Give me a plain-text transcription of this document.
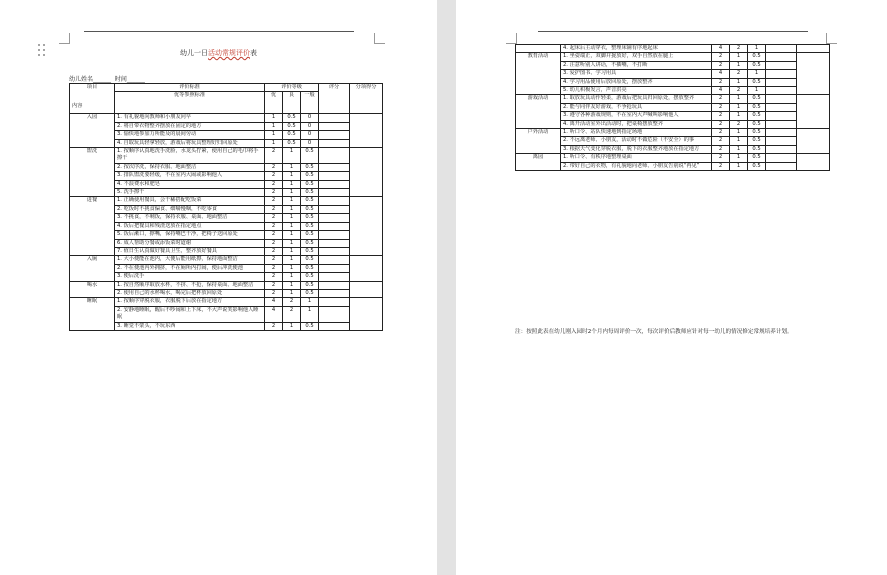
幼儿一日活动常规评价表
幼儿姓名______ 时间______
项目
内容	评价标准	评价等级			评分	分项得分
	优等参照标准	优	良	一般		
入园	1. 有礼貌地向教师和小朋友问早	1	0.5	0		
	2. 将自带衣物整齐摆放在固定的地方	1	0.5	0		
	3. 愉快地参加力所能及的晨间劳动	1	0.5	0		
	4. 自取玩具轻拿轻放，游戏后将玩具整理好归回原处	1	0.5	0		
盥洗	1. 按顺序认真地洗手洗脸，水龙头拧紧，使用自己的毛巾将手擦干	2	1	0.5		
	2. 按次序洗，保持衣服、地面整洁	2	1	0.5		
	3. 排队盥洗要轻缓，不在室内大闹或影响他人	2	1	0.5		
	4. 不浪费水和肥皂	2	1	0.5		
	5. 洗手擦干	2	1	0.5		
进餐	1. 正确使用餐具，会干稀搭配吃饭菜	2	1	0.5		
	2. 吃饭时不挑食偏食、细嚼慢咽，不吃零食	2	1	0.5		
	3. 不挑食，不剩饭，保持衣服、桌面、地面整洁	2	1	0.5		
	4. 饭后把餐具和残渣送放在指定地点	2	1	0.5		
	5. 饭后漱口，擦嘴，保持嘴巴干净，把椅子送回原处	2	1	0.5		
	6. 成人帮助分餐或添饭菜时道谢	2	1	0.5		
	7. 值日生认真做好餐具卫生，整齐放好餐具	2	1	0.5		
入厕	1. 大小便能在池内，大便后能用纸擦，保持地面整洁	2	1	0.5		
	2. 不在便池内外拥挤，不在厕所内打闹，便后冲洗便池	2	1	0.5		
	3. 便后洗手	2	1	0.5		
喝水	1. 按自然顺序取放水杯，不挤、不抢，保持桌面、地面整洁	2	1	0.5		
	2. 使用自己的水杯喝水，喝完后把杯放回原处	2	1	0.5		
睡眠	1. 按顺序穿脱衣服，衣服脱下后放在指定地方	4	2	1		
	2. 安静地睡眠，醒后不吵闹和上下床，不大声说笑影响他人睡眠	4	2	1		
	3. 睡觉不蒙头，不玩东西	2	1	0.5		
	4. 起床后主动穿衣，整理床铺有序地起床	4	2	1		
教育活动	1. 坐姿端正，双脚并拢放好，双手自然放在腿上	2	1	0.5		
	2. 注意听别人讲话，不插嘴，不打断	2	1	0.5		
	3. 爱护图书、学习用具	4	2	1		
	4. 学习用品使用后放回原处，摆放整齐	2	1	0.5		
	5. 幼儿积极发言，声音洪亮	4	2	1		
游戏活动	1. 取放玩具动作轻柔，游戏后把玩具归回原处，摆放整齐	2	1	0.5		
	2. 能与同伴友好游戏，不争抢玩具	2	1	0.5		
	3. 遵守各种游戏规则，不在室内大声喊叫影响他人	2	1	0.5		
	4. 离开活动室外出活动时，把桌椅摆放整齐	2	2	0.5		
户外活动	1. 听口令、站队快速地到指定场地	2	1	0.5		
	2. 不远离老师、小朋友，活动时不做危险（不安全）的事	2	1	0.5		
	3. 根据天气变化穿脱衣服，脱下的衣服整齐地放在指定地方	2	1	0.5		
离园	1. 听口令、有秩序地整理桌面	2	1	0.5		
	2. 带好自己的衣物，有礼貌地向老师、小朋友告别说“再见”	2	1	0.5		
注：按照此表在幼儿刚入园时2个月内每周评价一次，每次评价后教师应针对每一幼儿的情况修定常规培养计划。
